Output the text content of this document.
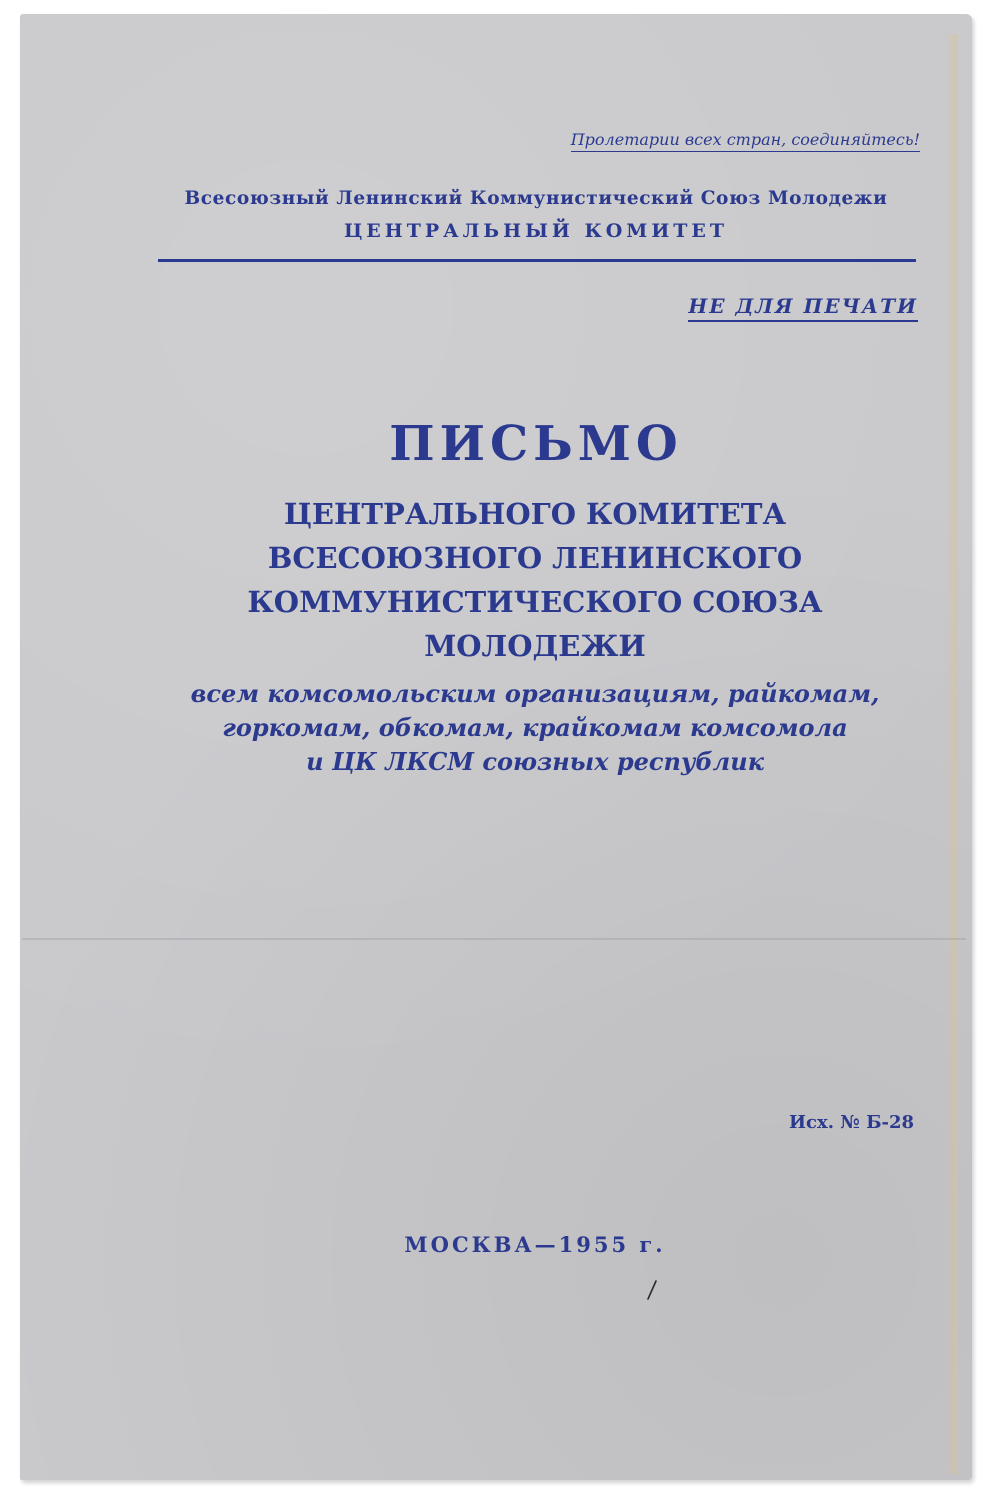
Пролетарии всех стран, соединяйтесь!
Всесоюзный Ленинский Коммунистический Союз Молодежи
ЦЕНТРАЛЬНЫЙ КОМИТЕТ
НЕ ДЛЯ ПЕЧАТИ
ПИСЬМО
ЦЕНТРАЛЬНОГО КОМИТЕТА
ВСЕСОЮЗНОГО ЛЕНИНСКОГО
КОММУНИСТИЧЕСКОГО СОЮЗА МОЛОДЕЖИ
всем комсомольским организациям, райкомам,
горкомам, обкомам, крайкомам комсомола
и ЦК ЛКСМ союзных республик
Исх. № Б-28
МОСКВА—1955 г.
